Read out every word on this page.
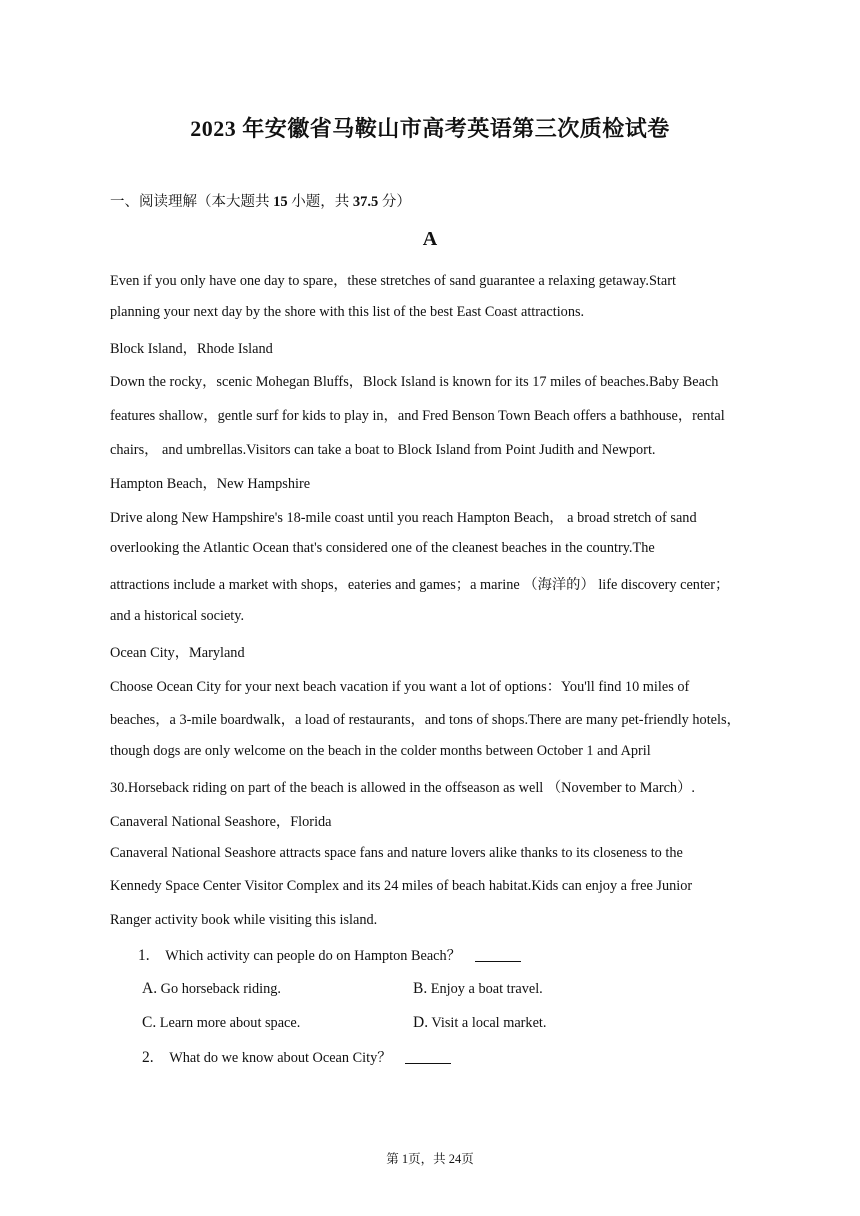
2023 年安徽省马鞍山市高考英语第三次质检试卷
一、阅读理解（本大题共 15 小题，共 37.5 分）
A
Even if you only have one day to spare，these stretches of sand guarantee a relaxing getaway.Start
planning your next day by the shore with this list of the best East Coast attractions.
Block Island，Rhode Island
Down the rocky，scenic Mohegan Bluffs，Block Island is known for its 17 miles of beaches.Baby Beach
features shallow，gentle surf for kids to play in，and Fred Benson Town Beach offers a bathhouse，rental
chairs， and umbrellas.Visitors can take a boat to Block Island from Point Judith and Newport.
Hampton Beach，New Hampshire
Drive along New Hampshire's 18-mile coast until you reach Hampton Beach， a broad stretch of sand
overlooking the Atlantic Ocean that's considered one of the cleanest beaches in the country.The
attractions include a market with shops，eateries and games；a marine （海洋的） life discovery center；
and a historical society.
Ocean City，Maryland
Choose Ocean City for your next beach vacation if you want a lot of options：You'll find 10 miles of
beaches，a 3-mile boardwalk，a load of restaurants，and tons of shops.There are many pet-friendly hotels，
though dogs are only welcome on the beach in the colder months between October 1 and April
30.Horseback riding on part of the beach is allowed in the offseason as well （November to March）.
Canaveral National Seashore，Florida
Canaveral National Seashore attracts space fans and nature lovers alike thanks to its closeness to the
Kennedy Space Center Visitor Complex and its 24 miles of beach habitat.Kids can enjoy a free Junior
Ranger activity book while visiting this island.
1. Which activity can people do on Hampton Beach？
A. Go horseback riding.	B. Enjoy a boat travel.
C. Learn more about space.	D. Visit a local market.
2. What do we know about Ocean City？
第 1页，共 24页
